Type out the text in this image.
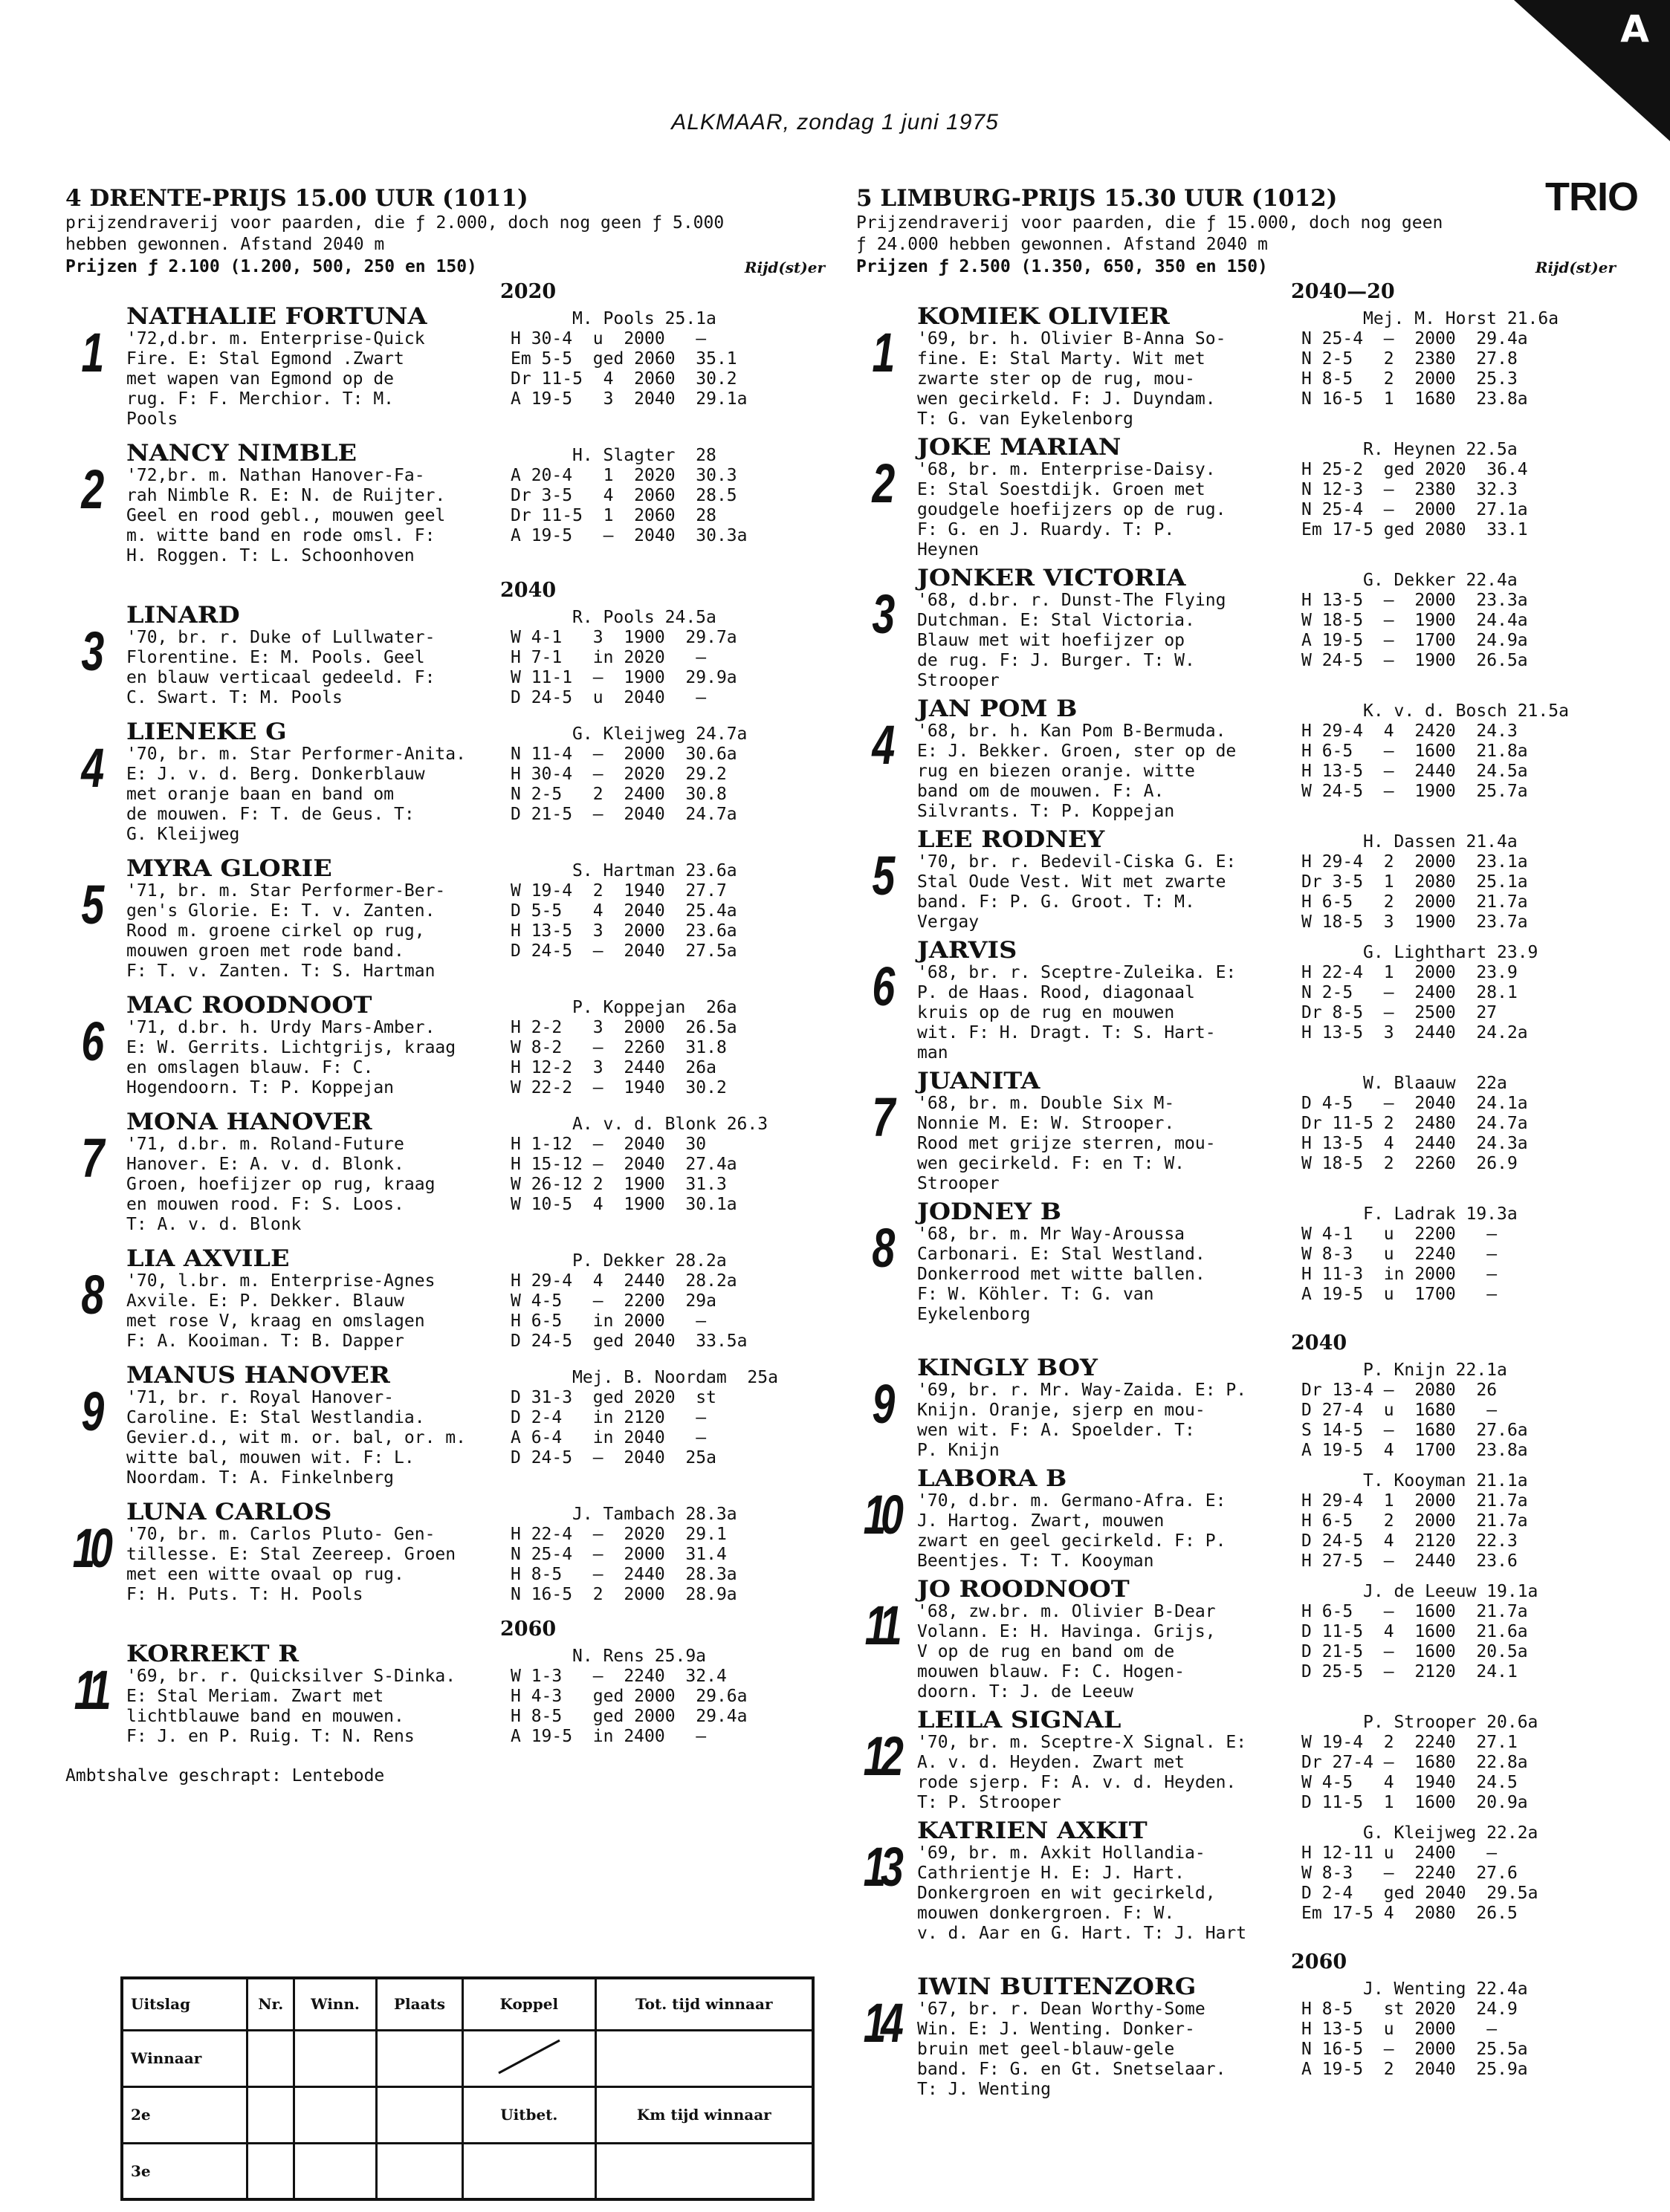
A
ALKMAAR, zondag 1 juni 1975
4 DRENTE-PRIJS 15.00 UUR (1011)
prijzendraverij voor paarden, die ƒ 2.000, doch nog geen ƒ 5.000
hebben gewonnen. Afstand 2040 m
Prijzen ƒ 2.100 (1.200, 500, 250 en 150)	Rijd(st)er
2020
1
NATHALIE FORTUNA	M. Pools 25.1a
'72,d.br. m. Enterprise-Quick
Fire. E: Stal Egmond .Zwart
met wapen van Egmond op de
rug. F: F. Merchior. T: M.
Pools
H 30-4  u  2000   —
Em 5-5  ged 2060  35.1
Dr 11-5  4  2060  30.2
A 19-5   3  2040  29.1a
2
NANCY NIMBLE	H. Slagter  28
'72,br. m. Nathan Hanover-Fa-
rah Nimble R. E: N. de Ruijter.
Geel en rood gebl., mouwen geel
m. witte band en rode omsl. F:
H. Roggen. T: L. Schoonhoven
A 20-4   1  2020  30.3
Dr 3-5   4  2060  28.5
Dr 11-5  1  2060  28
A 19-5   —  2040  30.3a
2040
3
LINARD	R. Pools 24.5a
'70, br. r. Duke of Lullwater-
Florentine. E: M. Pools. Geel
en blauw verticaal gedeeld. F:
C. Swart. T: M. Pools
W 4-1   3  1900  29.7a
H 7-1   in 2020   —
W 11-1  —  1900  29.9a
D 24-5  u  2040   —
4
LIENEKE G	G. Kleijweg 24.7a
'70, br. m. Star Performer-Anita.
E: J. v. d. Berg. Donkerblauw
met oranje baan en band om
de mouwen. F: T. de Geus. T:
G. Kleijweg
N 11-4  —  2000  30.6a
H 30-4  —  2020  29.2
N 2-5   2  2400  30.8
D 21-5  —  2040  24.7a
5
MYRA GLORIE	S. Hartman 23.6a
'71, br. m. Star Performer-Ber-
gen's Glorie. E: T. v. Zanten.
Rood m. groene cirkel op rug,
mouwen groen met rode band.
F: T. v. Zanten. T: S. Hartman
W 19-4  2  1940  27.7
D 5-5   4  2040  25.4a
H 13-5  3  2000  23.6a
D 24-5  —  2040  27.5a
6
MAC ROODNOOT	P. Koppejan  26a
'71, d.br. h. Urdy Mars-Amber.
E: W. Gerrits. Lichtgrijs, kraag
en omslagen blauw. F: C.
Hogendoorn. T: P. Koppejan
H 2-2   3  2000  26.5a
W 8-2   —  2260  31.8
H 12-2  3  2440  26a
W 22-2  —  1940  30.2
7
MONA HANOVER	A. v. d. Blonk 26.3
'71, d.br. m. Roland-Future
Hanover. E: A. v. d. Blonk.
Groen, hoefijzer op rug, kraag
en mouwen rood. F: S. Loos.
T: A. v. d. Blonk
H 1-12  —  2040  30
H 15-12 —  2040  27.4a
W 26-12 2  1900  31.3
W 10-5  4  1900  30.1a
8
LIA AXVILE	P. Dekker 28.2a
'70, l.br. m. Enterprise-Agnes
Axvile. E: P. Dekker. Blauw
met rose V, kraag en omslagen
F: A. Kooiman. T: B. Dapper
H 29-4  4  2440  28.2a
W 4-5   —  2200  29a
H 6-5   in 2000   —
D 24-5  ged 2040  33.5a
9
MANUS HANOVER	Mej. B. Noordam  25a
'71, br. r. Royal Hanover-
Caroline. E: Stal Westlandia.
Gevier.d., wit m. or. bal, or. m.
witte bal, mouwen wit. F: L.
Noordam. T: A. Finkelnberg
D 31-3  ged 2020  st
D 2-4   in 2120   —
A 6-4   in 2040   —
D 24-5  —  2040  25a
10
LUNA CARLOS	J. Tambach 28.3a
'70, br. m. Carlos Pluto- Gen-
tillesse. E: Stal Zeereep. Groen
met een witte ovaal op rug.
F: H. Puts. T: H. Pools
H 22-4  —  2020  29.1
N 25-4  —  2000  31.4
H 8-5   —  2440  28.3a
N 16-5  2  2000  28.9a
2060
11
KORREKT R	N. Rens 25.9a
'69, br. r. Quicksilver S-Dinka.
E: Stal Meriam. Zwart met
lichtblauwe band en mouwen.
F: J. en P. Ruig. T: N. Rens
W 1-3   —  2240  32.4
H 4-3   ged 2000  29.6a
H 8-5   ged 2000  29.4a
A 19-5  in 2400   —
Ambtshalve geschrapt: Lentebode
5 LIMBURG-PRIJS 15.30 UUR (1012)	TRIO
Prijzendraverij voor paarden, die ƒ 15.000, doch nog geen
ƒ 24.000 hebben gewonnen. Afstand 2040 m
Prijzen ƒ 2.500 (1.350, 650, 350 en 150)	Rijd(st)er
2040—20
1
KOMIEK OLIVIER	Mej. M. Horst 21.6a
'69, br. h. Olivier B-Anna So-
fine. E: Stal Marty. Wit met
zwarte ster op de rug, mou-
wen gecirkeld. F: J. Duyndam.
T: G. van Eykelenborg
N 25-4  —  2000  29.4a
N 2-5   2  2380  27.8
H 8-5   2  2000  25.3
N 16-5  1  1680  23.8a
2
JOKE MARIAN	R. Heynen 22.5a
'68, br. m. Enterprise-Daisy.
E: Stal Soestdijk. Groen met
goudgele hoefijzers op de rug.
F: G. en J. Ruardy. T: P.
Heynen
H 25-2  ged 2020  36.4
N 12-3  —  2380  32.3
N 25-4  —  2000  27.1a
Em 17-5 ged 2080  33.1
3
JONKER VICTORIA	G. Dekker 22.4a
'68, d.br. r. Dunst-The Flying
Dutchman. E: Stal Victoria.
Blauw met wit hoefijzer op
de rug. F: J. Burger. T: W.
Strooper
H 13-5  —  2000  23.3a
W 18-5  —  1900  24.4a
A 19-5  —  1700  24.9a
W 24-5  —  1900  26.5a
4
JAN POM B	K. v. d. Bosch 21.5a
'68, br. h. Kan Pom B-Bermuda.
E: J. Bekker. Groen, ster op de
rug en biezen oranje. witte
band om de mouwen. F: A.
Silvrants. T: P. Koppejan
H 29-4  4  2420  24.3
H 6-5   —  1600  21.8a
H 13-5  —  2440  24.5a
W 24-5  —  1900  25.7a
5
LEE RODNEY	H. Dassen 21.4a
'70, br. r. Bedevil-Ciska G. E:
Stal Oude Vest. Wit met zwarte
band. F: P. G. Groot. T: M.
Vergay
H 29-4  2  2000  23.1a
Dr 3-5  1  2080  25.1a
H 6-5   2  2000  21.7a
W 18-5  3  1900  23.7a
6
JARVIS	G. Lighthart 23.9
'68, br. r. Sceptre-Zuleika. E:
P. de Haas. Rood, diagonaal
kruis op de rug en mouwen
wit. F: H. Dragt. T: S. Hart-
man
H 22-4  1  2000  23.9
N 2-5   —  2400  28.1
Dr 8-5  —  2500  27
H 13-5  3  2440  24.2a
7
JUANITA	W. Blaauw  22a
'68, br. m. Double Six M-
Nonnie M. E: W. Strooper.
Rood met grijze sterren, mou-
wen gecirkeld. F: en T: W.
Strooper
D 4-5   —  2040  24.1a
Dr 11-5 2  2480  24.7a
H 13-5  4  2440  24.3a
W 18-5  2  2260  26.9
8
JODNEY B	F. Ladrak 19.3a
'68, br. m. Mr Way-Aroussa
Carbonari. E: Stal Westland.
Donkerrood met witte ballen.
F: W. Köhler. T: G. van
Eykelenborg
W 4-1   u  2200   —
W 8-3   u  2240   —
H 11-3  in 2000   —
A 19-5  u  1700   —
2040
9
KINGLY BOY	P. Knijn 22.1a
'69, br. r. Mr. Way-Zaida. E: P.
Knijn. Oranje, sjerp en mou-
wen wit. F: A. Spoelder. T:
P. Knijn
Dr 13-4 —  2080  26
D 27-4  u  1680   —
S 14-5  —  1680  27.6a
A 19-5  4  1700  23.8a
10
LABORA B	T. Kooyman 21.1a
'70, d.br. m. Germano-Afra. E:
J. Hartog. Zwart, mouwen
zwart en geel gecirkeld. F: P.
Beentjes. T: T. Kooyman
H 29-4  1  2000  21.7a
H 6-5   2  2000  21.7a
D 24-5  4  2120  22.3
H 27-5  —  2440  23.6
11
JO ROODNOOT	J. de Leeuw 19.1a
'68, zw.br. m. Olivier B-Dear
Volann. E: H. Havinga. Grijs,
V op de rug en band om de
mouwen blauw. F: C. Hogen-
doorn. T: J. de Leeuw
H 6-5   —  1600  21.7a
D 11-5  4  1600  21.6a
D 21-5  —  1600  20.5a
D 25-5  —  2120  24.1
12
LEILA SIGNAL	P. Strooper 20.6a
'70, br. m. Sceptre-X Signal. E:
A. v. d. Heyden. Zwart met
rode sjerp. F: A. v. d. Heyden.
T: P. Strooper
W 19-4  2  2240  27.1
Dr 27-4 —  1680  22.8a
W 4-5   4  1940  24.5
D 11-5  1  1600  20.9a
13
KATRIEN AXKIT	G. Kleijweg 22.2a
'69, br. m. Axkit Hollandia-
Cathrientje H. E: J. Hart.
Donkergroen en wit gecirkeld,
mouwen donkergroen. F: W.
v. d. Aar en G. Hart. T: J. Hart
H 12-11 u  2400   —
W 8-3   —  2240  27.6
D 2-4   ged 2040  29.5a
Em 17-5 4  2080  26.5
2060
14
IWIN BUITENZORG	J. Wenting 22.4a
'67, br. r. Dean Worthy-Some
Win. E: J. Wenting. Donker-
bruin met geel-blauw-gele
band. F: G. en Gt. Snetselaar.
T: J. Wenting
H 8-5   st 2020  24.9
H 13-5  u  2000   —
N 16-5  —  2000  25.5a
A 19-5  2  2040  25.9a
Uitslag	Nr.	Winn.	Plaats	Koppel	Tot. tijd winnaar
Winnaar					
2e				Uitbet.	Km tijd winnaar
3e					
